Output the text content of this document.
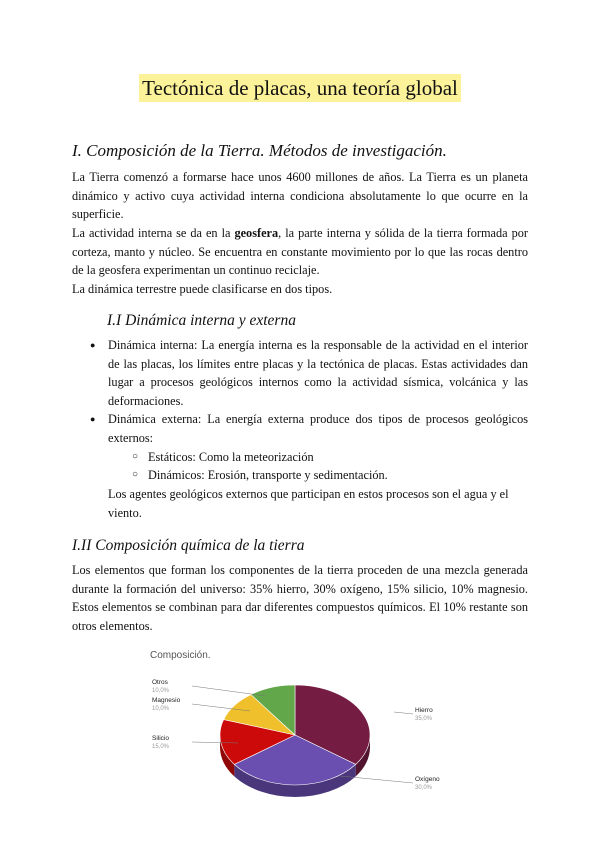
Tectónica de placas, una teoría global
I. Composición de la Tierra. Métodos de investigación.

La Tierra comenzó a formarse hace unos 4600 millones de años. La Tierra es un planeta dinámico y activo cuya actividad interna condiciona absolutamente lo que ocurre en la superficie.

La actividad interna se da en la geosfera, la parte interna y sólida de la tierra formada por corteza, manto y núcleo. Se encuentra en constante movimiento por lo que las rocas dentro de la geosfera experimentan un continuo reciclaje.

La dinámica terrestre puede clasificarse en dos tipos.

I.I Dinámica interna y externa
● Dinámica interna: La energía interna es la responsable de la actividad en el interior de las placas, los límites entre placas y la tectónica de placas. Estas actividades dan lugar a procesos geológicos internos como la actividad sísmica, volcánica y las deformaciones.
● Dinámica externa: La energía externa produce dos tipos de procesos geológicos externos:
○ Estáticos: Como la meteorización
○ Dinámicos: Erosión, transporte y sedimentación.

Los agentes geológicos externos que participan en estos procesos son el agua y el viento.

I.II Composición química de la tierra

Los elementos que forman los componentes de la tierra proceden de una mezcla generada durante la formación del universo: 35% hierro, 30% oxígeno, 15% silicio, 10% magnesio. Estos elementos se combinan para dar diferentes compuestos químicos. El 10% restante son otros elementos.

Composición.
Hierro
35,0%
Oxígeno
30,0%
Silicio
15,0%
Magnesio
10,0%
Otros
10,0%
